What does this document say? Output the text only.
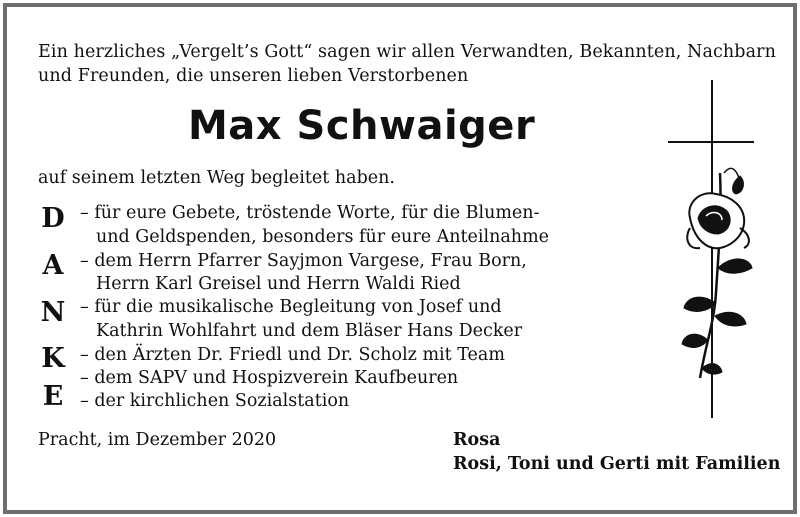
Ein herzliches „Vergelt’s Gott“ sagen wir allen Verwandten, Bekannten, Nachbarn
und Freunden, die unseren lieben Verstorbenen
Max Schwaiger
auf seinem letzten Weg begleitet haben.
D
A
N
K
E
– für eure Gebete, tröstende Worte, für die Blumen-
und Geldspenden, besonders für eure Anteilnahme
– dem Herrn Pfarrer Sayjmon Vargese, Frau Born,
Herrn Karl Greisel und Herrn Waldi Ried
– für die musikalische Begleitung von Josef und
Kathrin Wohlfahrt und dem Bläser Hans Decker
– den Ärzten Dr. Friedl und Dr. Scholz mit Team
– dem SAPV und Hospizverein Kaufbeuren
– der kirchlichen Sozialstation
Pracht, im Dezember 2020	Rosa
Rosi, Toni und Gerti mit Familien
